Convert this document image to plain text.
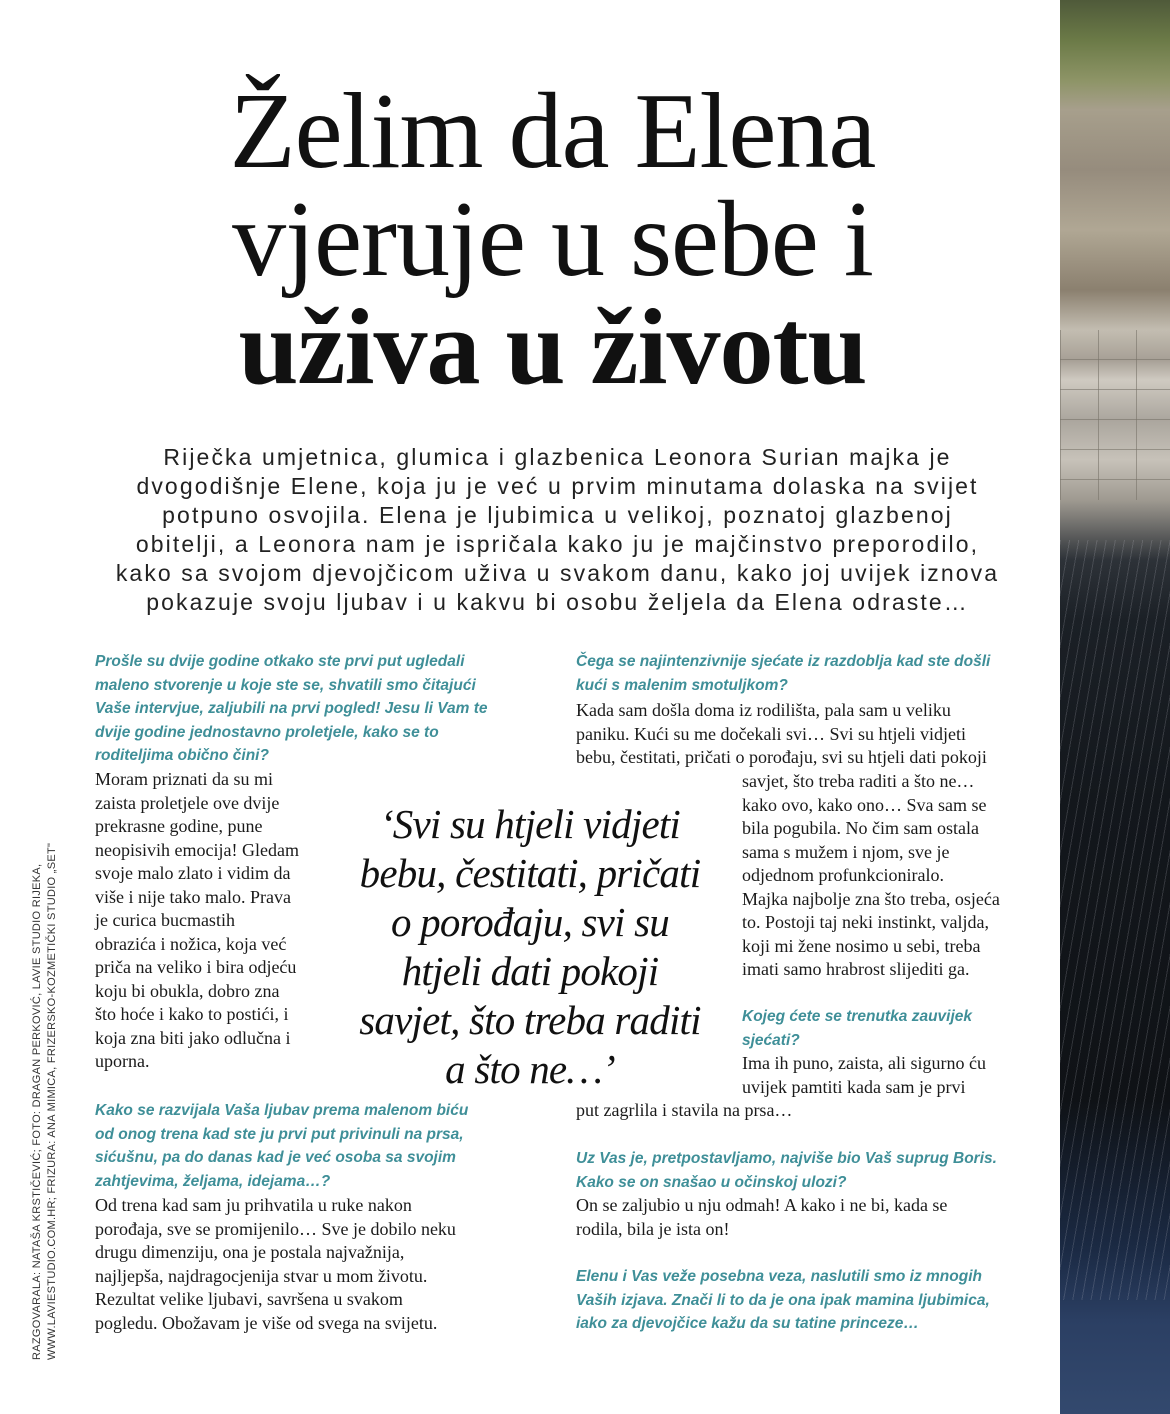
Želim da Elena
vjeruje u sebe i
uživa u životu
Riječka umjetnica, glumica i glazbenica Leonora Surian majka je
dvogodišnje Elene, koja ju je već u prvim minutama dolaska na svijet
potpuno osvojila. Elena je ljubimica u velikoj, poznatoj glazbenoj
obitelji, a Leonora nam je ispričala kako ju je majčinstvo preporodilo,
kako sa svojom djevojčicom uživa u svakom danu, kako joj uvijek iznova
pokazuje svoju ljubav i u kakvu bi osobu željela da Elena odraste…
RAZGOVARALA: NATAŠA KRSTIČEVIĆ; FOTO: DRAGAN PERKOVIĆ, LAVIE STUDIO RIJEKA, WWW.LAVIESTUDIO.COM.HR; FRIZURA: ANA MIMICA, FRIZERSKO-KOZMETIČKI STUDIO „SET"
Prošle su dvije godine otkako ste prvi put ugledali
maleno stvorenje u koje ste se, shvatili smo čitajući
Vaše intervjue, zaljubili na prvi pogled! Jesu li Vam te
dvije godine jednostavno proletjele, kako se to
roditeljima obično čini?
Moram priznati da su mi
zaista proletjele ove dvije
prekrasne godine, pune
neopisivih emocija! Gledam
svoje malo zlato i vidim da
više i nije tako malo. Prava
je curica bucmastih
obrazića i nožica, koja već
priča na veliko i bira odjeću
koju bi obukla, dobro zna
što hoće i kako to postići, i
koja zna biti jako odlučna i
uporna.
Kako se razvijala Vaša ljubav prema malenom biću
od onog trena kad ste ju prvi put privinuli na prsa,
sićušnu, pa do danas kad je već osoba sa svojim
zahtjevima, željama, idejama…?
Od trena kad sam ju prihvatila u ruke nakon
porođaja, sve se promijenilo… Sve je dobilo neku
drugu dimenziju, ona je postala najvažnija,
najljepša, najdragocjenija stvar u mom životu.
Rezultat velike ljubavi, savršena u svakom
pogledu. Obožavam je više od svega na svijetu.
‘Svi su htjeli vidjeti
bebu, čestitati, pričati
o porođaju, svi su
htjeli dati pokoji
savjet, što treba raditi
a što ne…’
Čega se najintenzivnije sjećate iz razdoblja kad ste došli
kući s malenim smotuljkom?
Kada sam došla doma iz rodilišta, pala sam u veliku
paniku. Kući su me dočekali svi… Svi su htjeli vidjeti
bebu, čestitati, pričati o porođaju, svi su htjeli dati pokoji
savjet, što treba raditi a što ne…
kako ovo, kako ono… Sva sam se
bila pogubila. No čim sam ostala
sama s mužem i njom, sve je
odjednom profunkcioniralo.
Majka najbolje zna što treba, osjeća
to. Postoji taj neki instinkt, valjda,
koji mi žene nosimo u sebi, treba
imati samo hrabrost slijediti ga.
Kojeg ćete se trenutka zauvijek
sjećati?
Ima ih puno, zaista, ali sigurno ću
uvijek pamtiti kada sam je prvi
put zagrlila i stavila na prsa…
Uz Vas je, pretpostavljamo, najviše bio Vaš suprug Boris.
Kako se on snašao u očinskoj ulozi?
On se zaljubio u nju odmah! A kako i ne bi, kada se
rodila, bila je ista on!
Elenu i Vas veže posebna veza, naslutili smo iz mnogih
Vaših izjava. Znači li to da je ona ipak mamina ljubimica,
iako za djevojčice kažu da su tatine princeze…
